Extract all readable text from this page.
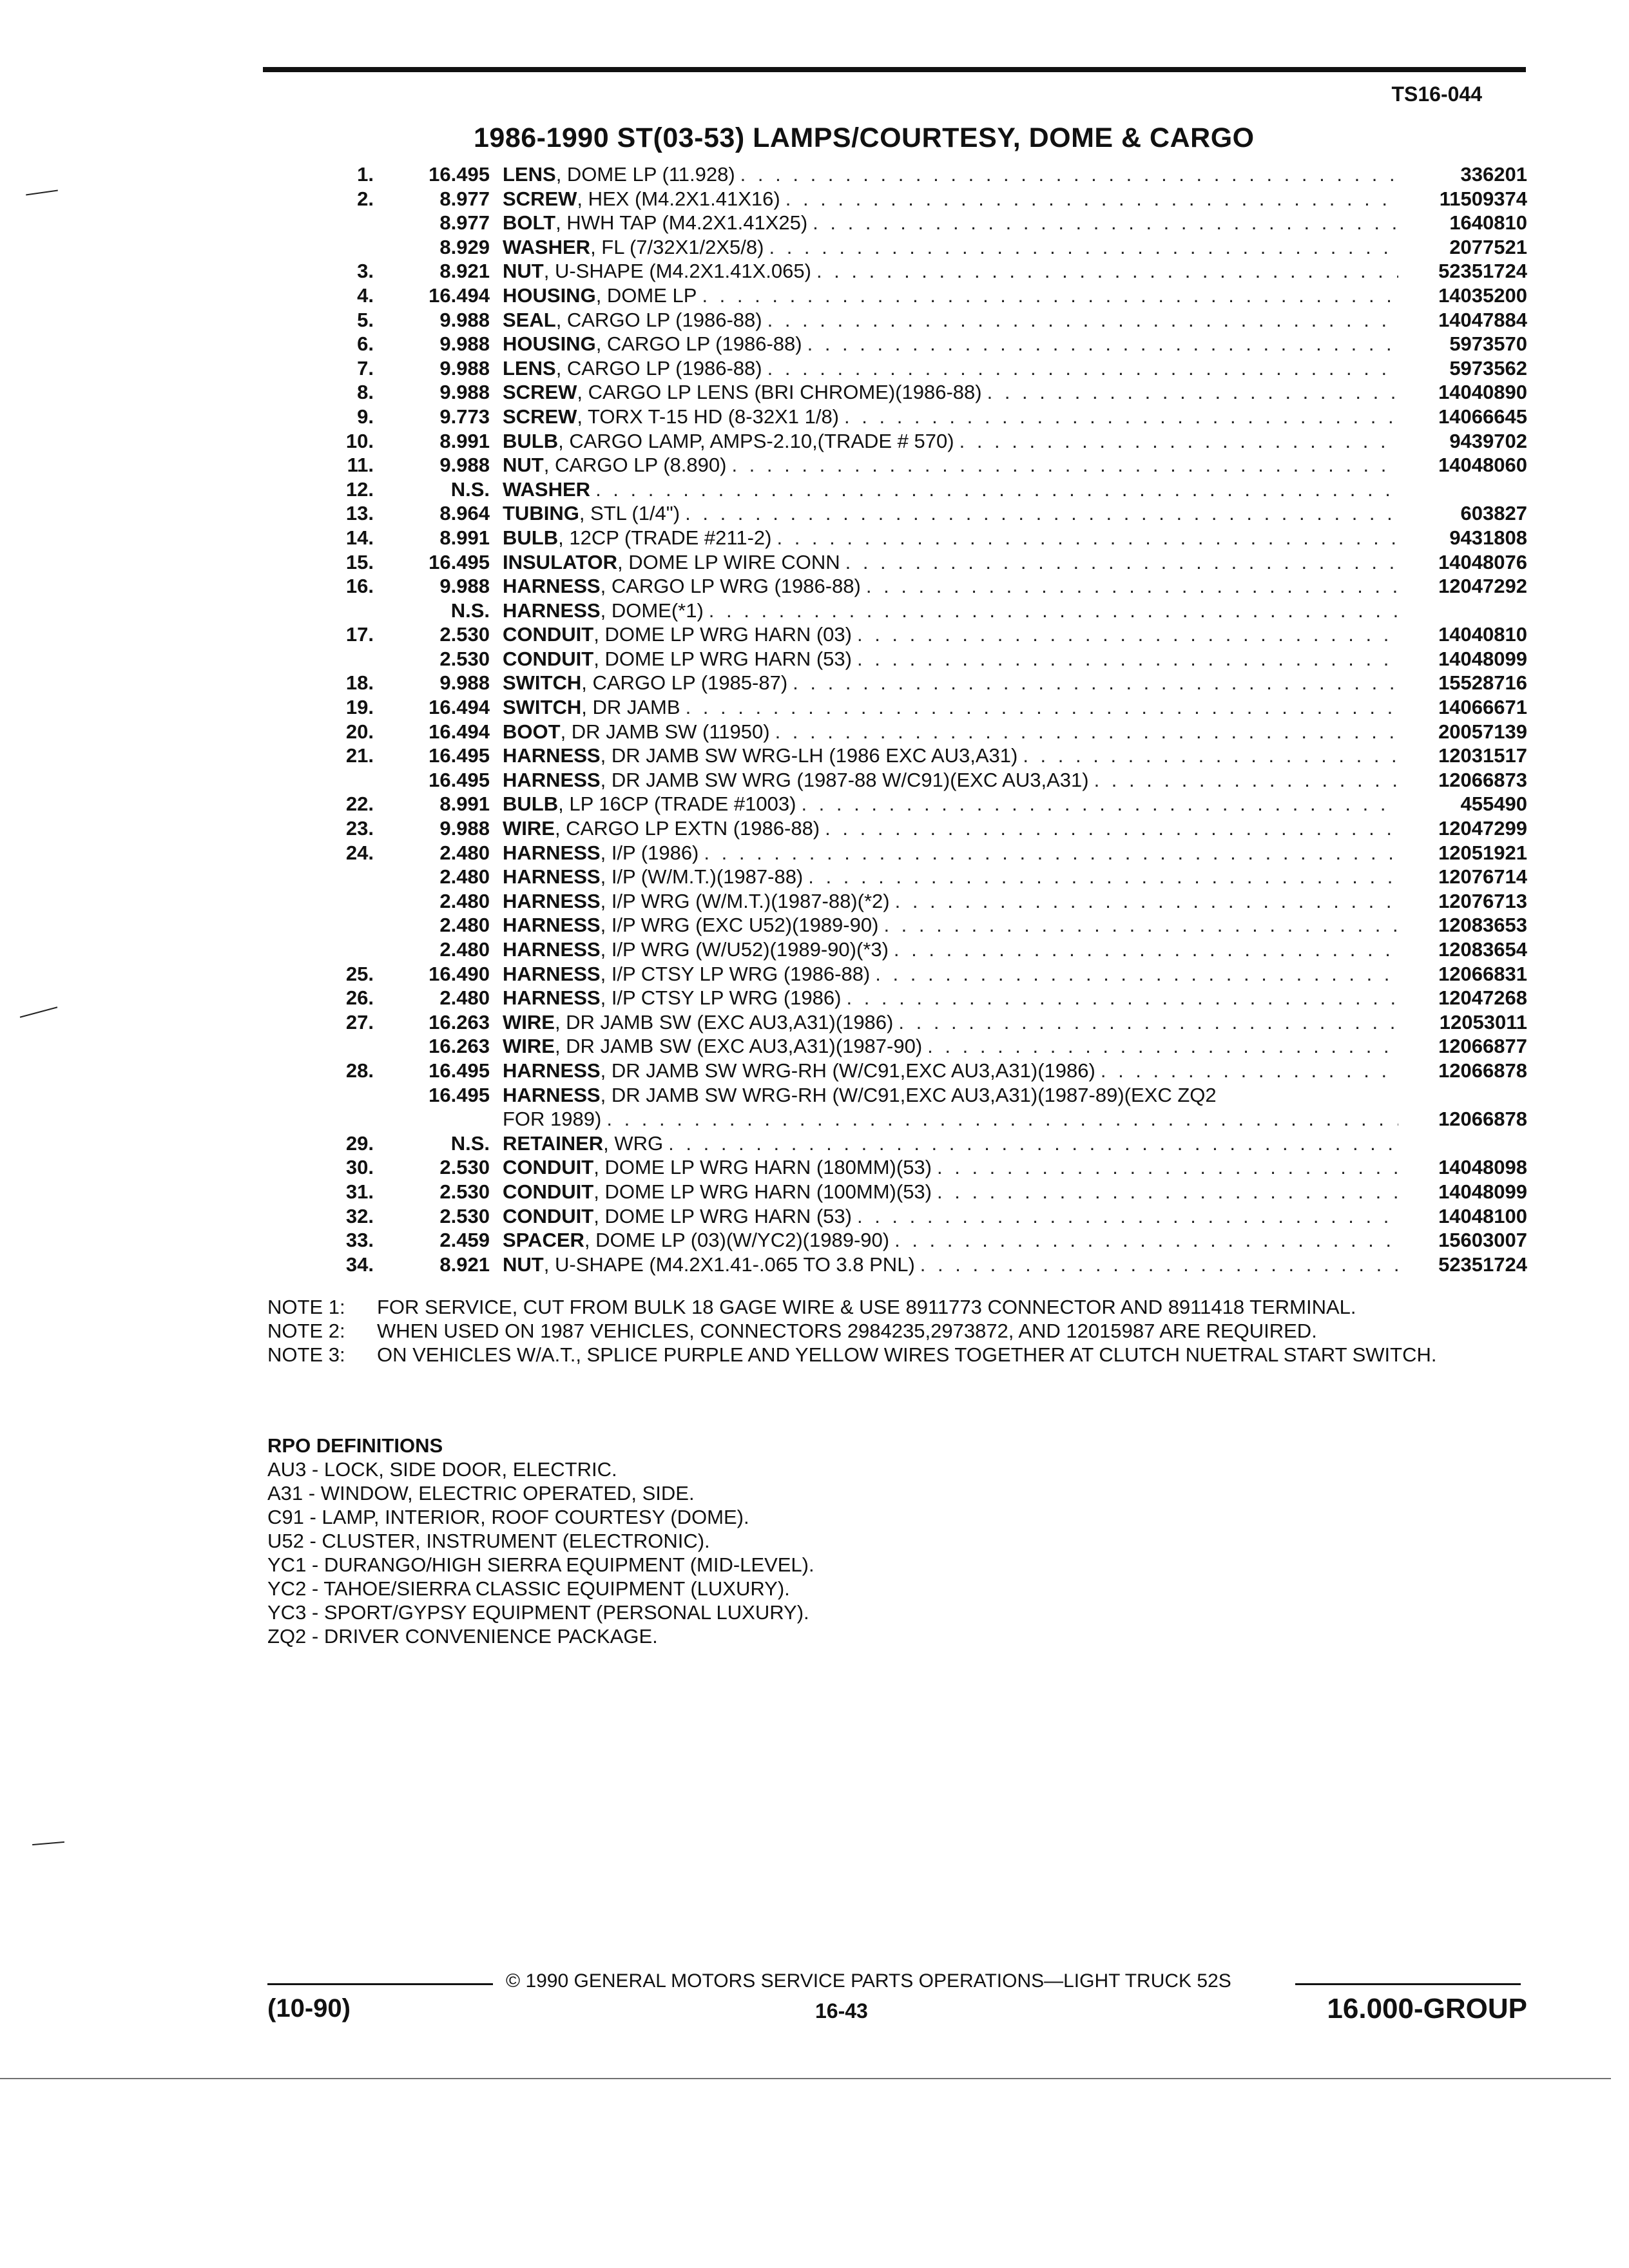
TS16-044
1986-1990 ST(03-53) LAMPS/COURTESY, DOME & CARGO
1.	16.495 LENS, DOME LP (11.928) . . .	336201
2.	8.977 SCREW, HEX (M4.2X1.41X16) . . .	11509374
8.977 BOLT, HWH TAP (M4.2X1.41X25) . . .	1640810
8.929 WASHER, FL (7/32X1/2X5/8) . . .	2077521
3.	8.921 NUT, U-SHAPE (M4.2X1.41X.065) . . .	52351724
4.	16.494 HOUSING, DOME LP . . .	14035200
5.	9.988 SEAL, CARGO LP (1986-88) . . .	14047884
6.	9.988 HOUSING, CARGO LP (1986-88) . . .	5973570
7.	9.988 LENS, CARGO LP (1986-88) . . .	5973562
8.	9.988 SCREW, CARGO LP LENS (BRI CHROME)(1986-88) . . .	14040890
9.	9.773 SCREW, TORX T-15 HD (8-32X1 1/8) . . .	14066645
10.	8.991 BULB, CARGO LAMP, AMPS-2.10,(TRADE # 570) . . .	9439702
11.	9.988 NUT, CARGO LP (8.890) . . .	14048060
12.	N.S. WASHER
. . .
13.	8.964 TUBING, STL (1/4") . . .	603827
14.	8.991 BULB, 12CP (TRADE #211-2) . . .	9431808
15.	16.495 INSULATOR, DOME LP WIRE CONN . . .	14048076
16.	9.988 HARNESS, CARGO LP WRG (1986-88) . . .	12047292
N.S. HARNESS, DOME(*1)
. . .
17.	2.530 CONDUIT, DOME LP WRG HARN (03) . . .	14040810
2.530 CONDUIT, DOME LP WRG HARN (53) . . .	14048099
18.	9.988 SWITCH, CARGO LP (1985-87) . . .	15528716
19.	16.494 SWITCH, DR JAMB . . .	14066671
20.	16.494 BOOT, DR JAMB SW (11950) . . .	20057139
21.	16.495 HARNESS, DR JAMB SW WRG-LH (1986 EXC AU3,A31) . . .	12031517
16.495 HARNESS, DR JAMB SW WRG (1987-88 W/C91)(EXC AU3,A31) . . .	12066873
22.	8.991 BULB, LP 16CP (TRADE #1003) . . .	455490
23.	9.988 WIRE, CARGO LP EXTN (1986-88) . . .	12047299
24.	2.480 HARNESS, I/P (1986) . . .	12051921
2.480 HARNESS, I/P (W/M.T.)(1987-88) . . .	12076714
2.480 HARNESS, I/P WRG (W/M.T.)(1987-88)(*2) . . .	12076713
2.480 HARNESS, I/P WRG (EXC U52)(1989-90) . . .	12083653
2.480 HARNESS, I/P WRG (W/U52)(1989-90)(*3) . . .	12083654
25.	16.490 HARNESS, I/P CTSY LP WRG (1986-88) . . .	12066831
26.	2.480 HARNESS, I/P CTSY LP WRG (1986) . . .	12047268
27.	16.263 WIRE, DR JAMB SW (EXC AU3,A31)(1986) . . .	12053011
16.263 WIRE, DR JAMB SW (EXC AU3,A31)(1987-90) . . .	12066877
28.	16.495 HARNESS, DR JAMB SW WRG-RH (W/C91,EXC AU3,A31)(1986) . . .	12066878
16.495 HARNESS, DR JAMB SW WRG-RH (W/C91,EXC AU3,A31)(1987-89)(EXC ZQ2
FOR 1989) . . .	12066878
29.	N.S. RETAINER, WRG
. . .
30.	2.530 CONDUIT, DOME LP WRG HARN (180MM)(53) . . .	14048098
31.	2.530 CONDUIT, DOME LP WRG HARN (100MM)(53) . . .	14048099
32.	2.530 CONDUIT, DOME LP WRG HARN (53) . . .	14048100
33.	2.459 SPACER, DOME LP (03)(W/YC2)(1989-90) . . .	15603007
34.	8.921 NUT, U-SHAPE (M4.2X1.41-.065 TO 3.8 PNL) . . .	52351724
NOTE 1:	FOR SERVICE, CUT FROM BULK 18 GAGE WIRE & USE 8911773 CONNECTOR AND 8911418 TERMINAL.
NOTE 2:	WHEN USED ON 1987 VEHICLES, CONNECTORS 2984235,2973872, AND 12015987 ARE REQUIRED.
NOTE 3:	ON VEHICLES W/A.T., SPLICE PURPLE AND YELLOW WIRES TOGETHER AT CLUTCH NUETRAL START SWITCH.
RPO DEFINITIONS
AU3 - LOCK, SIDE DOOR, ELECTRIC.
A31 - WINDOW, ELECTRIC OPERATED, SIDE.
C91 - LAMP, INTERIOR, ROOF COURTESY (DOME).
U52 - CLUSTER, INSTRUMENT (ELECTRONIC).
YC1 - DURANGO/HIGH SIERRA EQUIPMENT (MID-LEVEL).
YC2 - TAHOE/SIERRA CLASSIC EQUIPMENT (LUXURY).
YC3 - SPORT/GYPSY EQUIPMENT (PERSONAL LUXURY).
ZQ2 - DRIVER CONVENIENCE PACKAGE.
© 1990 GENERAL MOTORS SERVICE PARTS OPERATIONS—LIGHT TRUCK 52S
(10-90)	16-43	16.000-GROUP
